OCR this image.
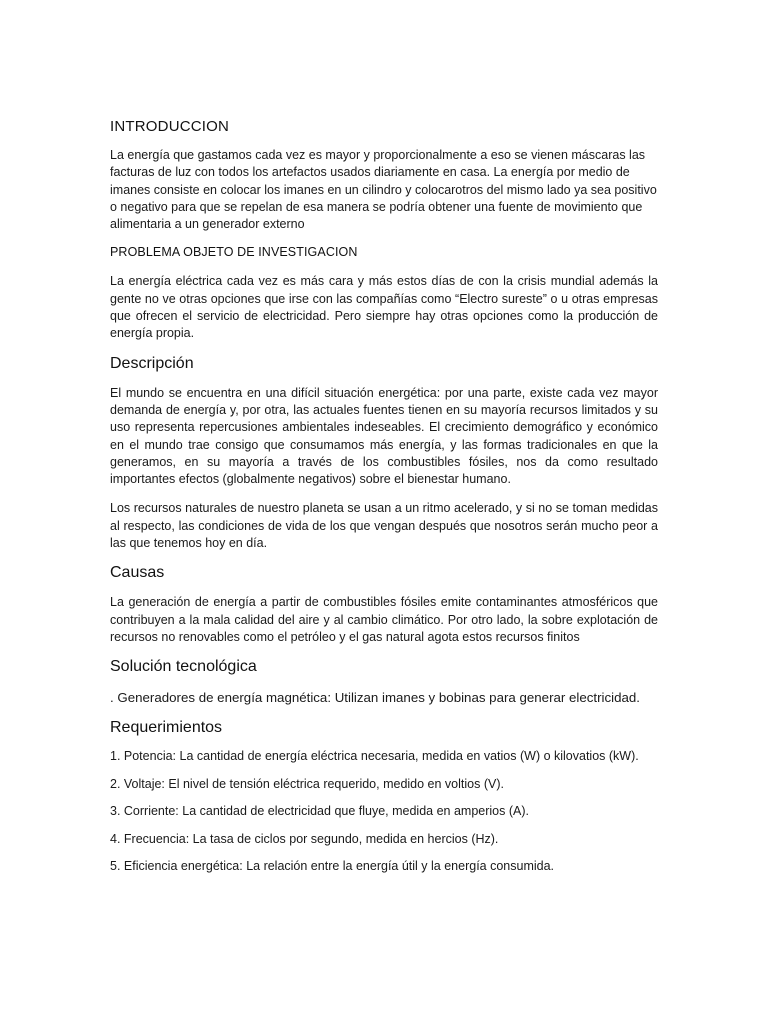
INTRODUCCION

La energía que gastamos cada vez es mayor y proporcionalmente a eso se vienen máscaras las facturas de luz con todos los artefactos usados diariamente en casa. La energía por medio de imanes consiste en colocar los imanes en un cilindro y colocarotros del mismo lado ya sea positivo o negativo para que se repelan de esa manera se podría obtener una fuente de movimiento que alimentaria a un generador externo

PROBLEMA OBJETO DE INVESTIGACION

La energía eléctrica cada vez es más cara y más estos días de con la crisis mundial además la gente no ve otras opciones que irse con las compañías como “Electro sureste” o u otras empresas que ofrecen el servicio de electricidad. Pero siempre hay otras opciones como la producción de energía propia.

Descripción

El mundo se encuentra en una difícil situación energética: por una parte, existe cada vez mayor demanda de energía y, por otra, las actuales fuentes tienen en su mayoría recursos limitados y su uso representa repercusiones ambientales indeseables. El crecimiento demográfico y económico en el mundo trae consigo que consumamos más energía, y las formas tradicionales en que la generamos, en su mayoría a través de los combustibles fósiles, nos da como resultado importantes efectos (globalmente negativos) sobre el bienestar humano.

Los recursos naturales de nuestro planeta se usan a un ritmo acelerado, y si no se toman medidas al respecto, las condiciones de vida de los que vengan después que nosotros serán mucho peor a las que tenemos hoy en día.

Causas

La generación de energía a partir de combustibles fósiles emite contaminantes atmosféricos que contribuyen a la mala calidad del aire y al cambio climático. Por otro lado, la sobre explotación de recursos no renovables como el petróleo y el gas natural agota estos recursos finitos

Solución tecnológica

. Generadores de energía magnética: Utilizan imanes y bobinas para generar electricidad.

Requerimientos

1. Potencia: La cantidad de energía eléctrica necesaria, medida en vatios (W) o kilovatios (kW).

2. Voltaje: El nivel de tensión eléctrica requerido, medido en voltios (V).

3. Corriente: La cantidad de electricidad que fluye, medida en amperios (A).

4. Frecuencia: La tasa de ciclos por segundo, medida en hercios (Hz).

5. Eficiencia energética: La relación entre la energía útil y la energía consumida.
